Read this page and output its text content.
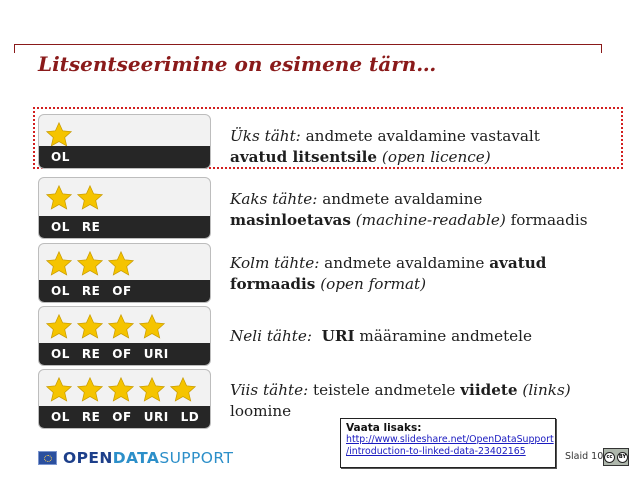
Litsentseerimine on esimene tärn…
OL
OL RE
OL RE OF
OL RE OF URI
OL RE OF URI LD
Üks täht: andmete avaldamine vastavalt
avatud litsentsile (open licence)
Kaks tähte: andmete avaldamine
masinloetavas (machine-readable) formaadis
Kolm tähte: andmete avaldamine avatud formaadis (open format)
Neli tähte: URI määramine andmetele
Viis tähte: teistele andmetele viidete (links) loomine
OPENDATASUPPORT
Vaata lisaks:
http://www.slideshare.net/OpenDataSupport
/introduction-to-linked-data-23402165	Slaid 10 cc	BY
